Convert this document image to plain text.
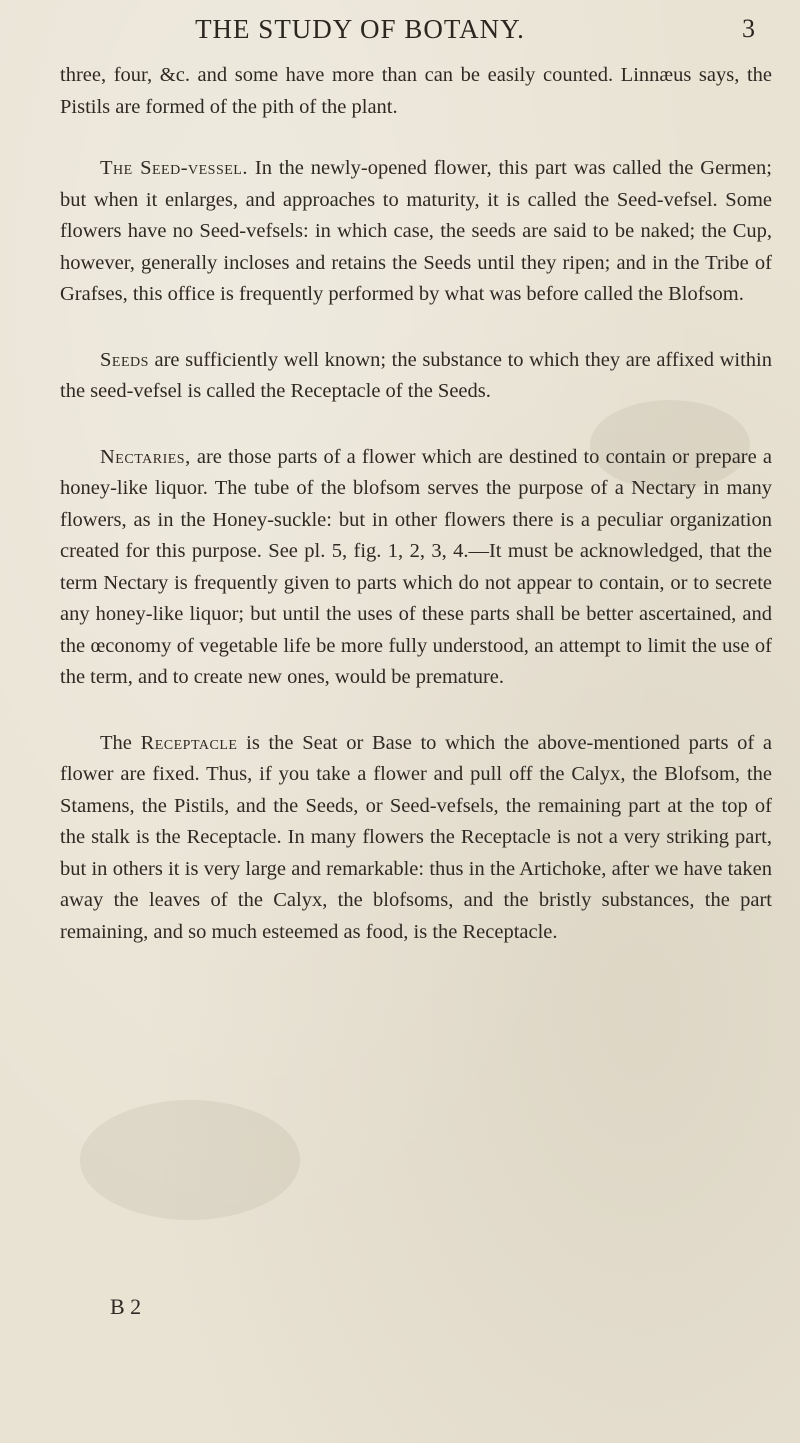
THE STUDY OF BOTANY.	3

three, four, &c. and some have more than can be easily counted. Linnæus says, the Pistils are formed of the pith of the plant.

The Seed-vessel. In the newly-opened flower, this part was called the Germen; but when it enlarges, and approaches to maturity, it is called the Seed-vefsel. Some flowers have no Seed-vefsels: in which case, the seeds are said to be naked; the Cup, however, generally incloses and retains the Seeds until they ripen; and in the Tribe of Grafses, this office is frequently performed by what was before called the Blofsom.

Seeds are sufficiently well known; the substance to which they are affixed within the seed-vefsel is called the Receptacle of the Seeds.

Nectaries, are those parts of a flower which are destined to contain or prepare a honey-like liquor. The tube of the blofsom serves the purpose of a Nectary in many flowers, as in the Honey-suckle: but in other flowers there is a peculiar organization created for this purpose. See pl. 5, fig. 1, 2, 3, 4.—It must be acknowledged, that the term Nectary is frequently given to parts which do not appear to contain, or to secrete any honey-like liquor; but until the uses of these parts shall be better ascertained, and the œconomy of vegetable life be more fully understood, an attempt to limit the use of the term, and to create new ones, would be premature.

The Receptacle is the Seat or Base to which the above-mentioned parts of a flower are fixed. Thus, if you take a flower and pull off the Calyx, the Blofsom, the Stamens, the Pistils, and the Seeds, or Seed-vefsels, the remaining part at the top of the stalk is the Receptacle. In many flowers the Receptacle is not a very striking part, but in others it is very large and remarkable: thus in the Artichoke, after we have taken away the leaves of the Calyx, the blofsoms, and the bristly substances, the part remaining, and so much esteemed as food, is the Receptacle.

B 2
